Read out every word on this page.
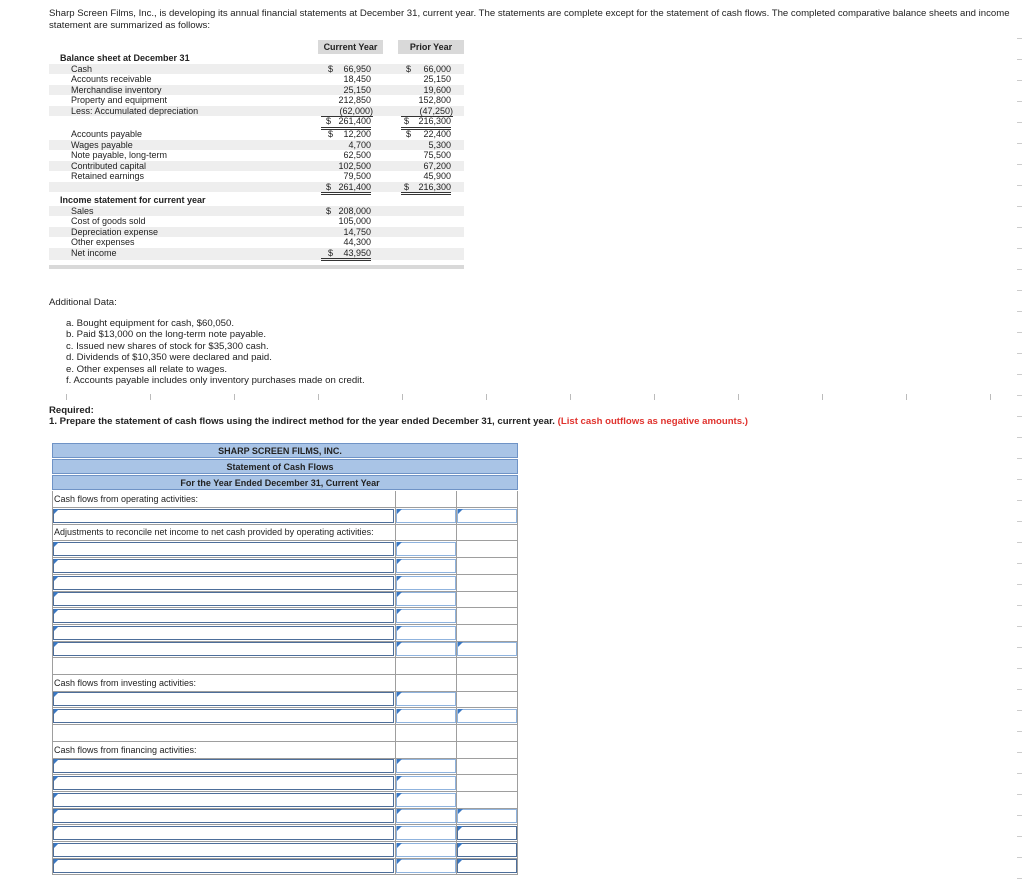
Sharp Screen Films, Inc., is developing its annual financial statements at December 31, current year. The statements are complete except for the statement of cash flows. The completed comparative balance sheets and income statement are summarized as follows:
Current Year	Prior Year
Balance sheet at December 31
Cash	$	66,950	$	66,000
Accounts receivable	18,450	25,150
Merchandise inventory	25,150	19,600
Property and equipment	212,850	152,800
Less: Accumulated depreciation	(62,000)	(47,250)
$ 261,400	$	216,300
Accounts payable	$	12,200	$	22,400
Wages payable	4,700	5,300
Note payable, long-term	62,500	75,500
Contributed capital	102,500	67,200
Retained earnings	79,500	45,900
$ 261,400	$	216,300
Income statement for current year
Sales	$ 208,000
Cost of goods sold	105,000
Depreciation expense	14,750
Other expenses	44,300
Net income	$	43,950
Additional Data:
a. Bought equipment for cash, $60,050.
b. Paid $13,000 on the long-term note payable.
c. Issued new shares of stock for $35,300 cash.
d. Dividends of $10,350 were declared and paid.
e. Other expenses all relate to wages.
f. Accounts payable includes only inventory purchases made on credit.
Required:
1. Prepare the statement of cash flows using the indirect method for the year ended December 31, current year. (List cash outflows as negative amounts.)
SHARP SCREEN FILMS, INC.
Statement of Cash Flows
For the Year Ended December 31, Current Year
Cash flows from operating activities:
Adjustments to reconcile net income to net cash provided by operating activities:
Cash flows from investing activities:
Cash flows from financing activities:
